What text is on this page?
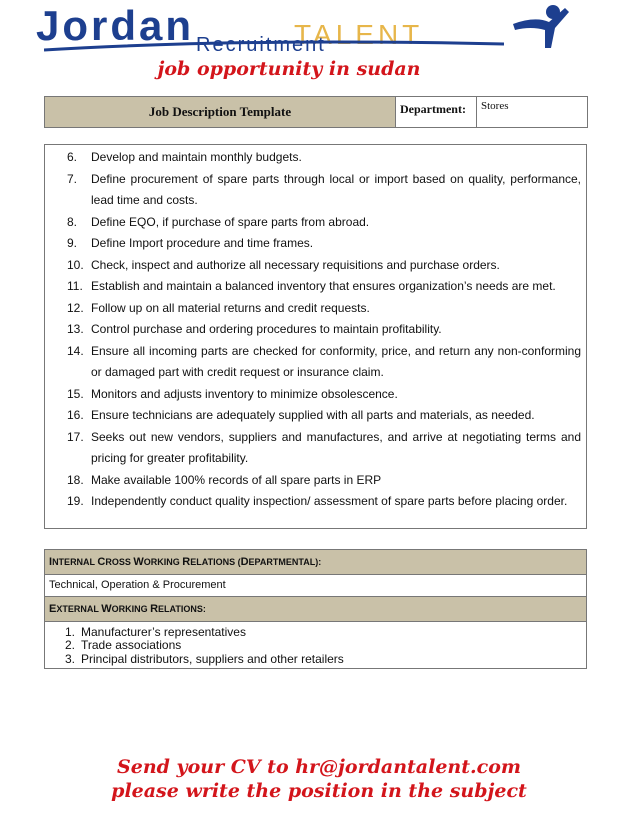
Jordan	TALENT
Recruitment
job opportunity in sudan
Job Description Template	Department:	Stores
6. Develop and maintain monthly budgets.
7. Define procurement of spare parts through local or import based on quality, performance, lead time and costs.
8. Define EQO, if purchase of spare parts from abroad.
9. Define Import procedure and time frames.
10. Check, inspect and authorize all necessary requisitions and purchase orders.
11. Establish and maintain a balanced inventory that ensures organization’s needs are met.
12. Follow up on all material returns and credit requests.
13. Control purchase and ordering procedures to maintain profitability.
14. Ensure all incoming parts are checked for conformity, price, and return any non-conforming or damaged part with credit request or insurance claim.
15. Monitors and adjusts inventory to minimize obsolescence.
16. Ensure technicians are adequately supplied with all parts and materials, as needed.
17. Seeks out new vendors, suppliers and manufactures, and arrive at negotiating terms and pricing for greater profitability.
18. Make available 100% records of all spare parts in ERP
19. Independently conduct quality inspection/ assessment of spare parts before placing order.
INTERNAL CROSS WORKING RELATIONS (DEPARTMENTAL):
Technical, Operation & Procurement
EXTERNAL WORKING RELATIONS:
1. Manufacturer’s representatives
2. Trade associations
3. Principal distributors, suppliers and other retailers
Send your CV to hr@jordantalent.com
please write the position in the subject
